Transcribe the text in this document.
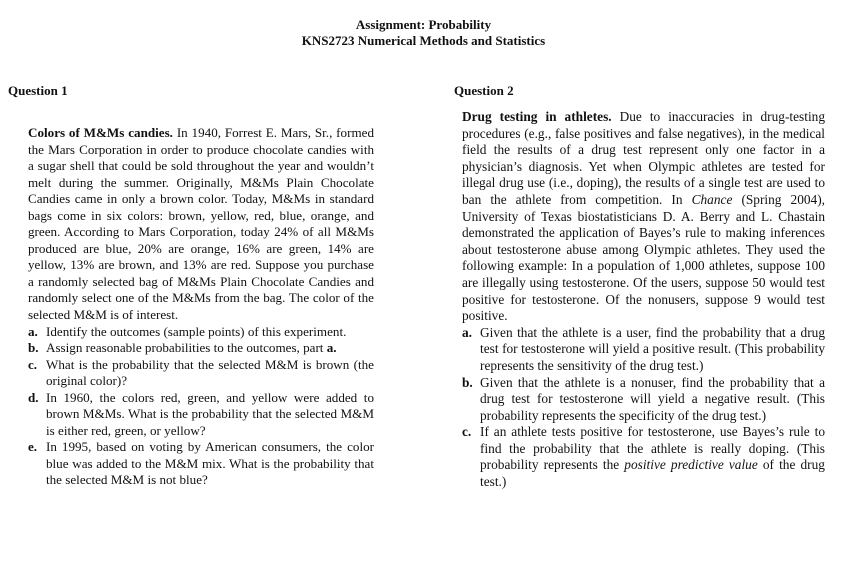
Assignment: Probability
KNS2723 Numerical Methods and Statistics
Question 1	Question 2

Colors of M&Ms candies. In 1940, Forrest E. Mars, Sr., formed the Mars Corporation in order to produce chocolate candies with a sugar shell that could be sold throughout the year and wouldn’t melt during the summer. Originally, M&Ms Plain Chocolate Candies came in only a brown color. Today, M&Ms in standard bags come in six colors: brown, yellow, red, blue, orange, and green. According to Mars Corporation, today 24% of all M&Ms produced are blue, 20% are orange, 16% are green, 14% are yellow, 13% are brown, and 13% are red. Suppose you purchase a randomly selected bag of M&Ms Plain Chocolate Candies and randomly select one of the M&Ms from the bag. The color of the selected M&M is of interest.

a. Identify the outcomes (sample points) of this experiment.
b. Assign reasonable probabilities to the outcomes, part a.
c. What is the probability that the selected M&M is brown (the original color)?
d. In 1960, the colors red, green, and yellow were added to brown M&Ms. What is the probability that the selected M&M is either red, green, or yellow?
e. In 1995, based on voting by American consumers, the color blue was added to the M&M mix. What is the probability that the selected M&M is not blue?

Drug testing in athletes. Due to inaccuracies in drug-testing procedures (e.g., false positives and false negatives), in the medical field the results of a drug test represent only one factor in a physician’s diagnosis. Yet when Olympic athletes are tested for illegal drug use (i.e., doping), the results of a single test are used to ban the athlete from competition. In Chance (Spring 2004), University of Texas biostatisticians D. A. Berry and L. Chastain demonstrated the application of Bayes’s rule to making inferences about testosterone abuse among Olympic athletes. They used the following example: In a population of 1,000 athletes, suppose 100 are illegally using testosterone. Of the users, suppose 50 would test positive for testosterone. Of the nonusers, suppose 9 would test positive.

a. Given that the athlete is a user, find the probability that a drug test for testosterone will yield a positive result. (This probability represents the sensitivity of the drug test.)
b. Given that the athlete is a nonuser, find the probability that a drug test for testosterone will yield a negative result. (This probability represents the specificity of the drug test.)
c. If an athlete tests positive for testosterone, use Bayes’s rule to find the probability that the athlete is really doping. (This probability represents the positive predictive value of the drug test.)
